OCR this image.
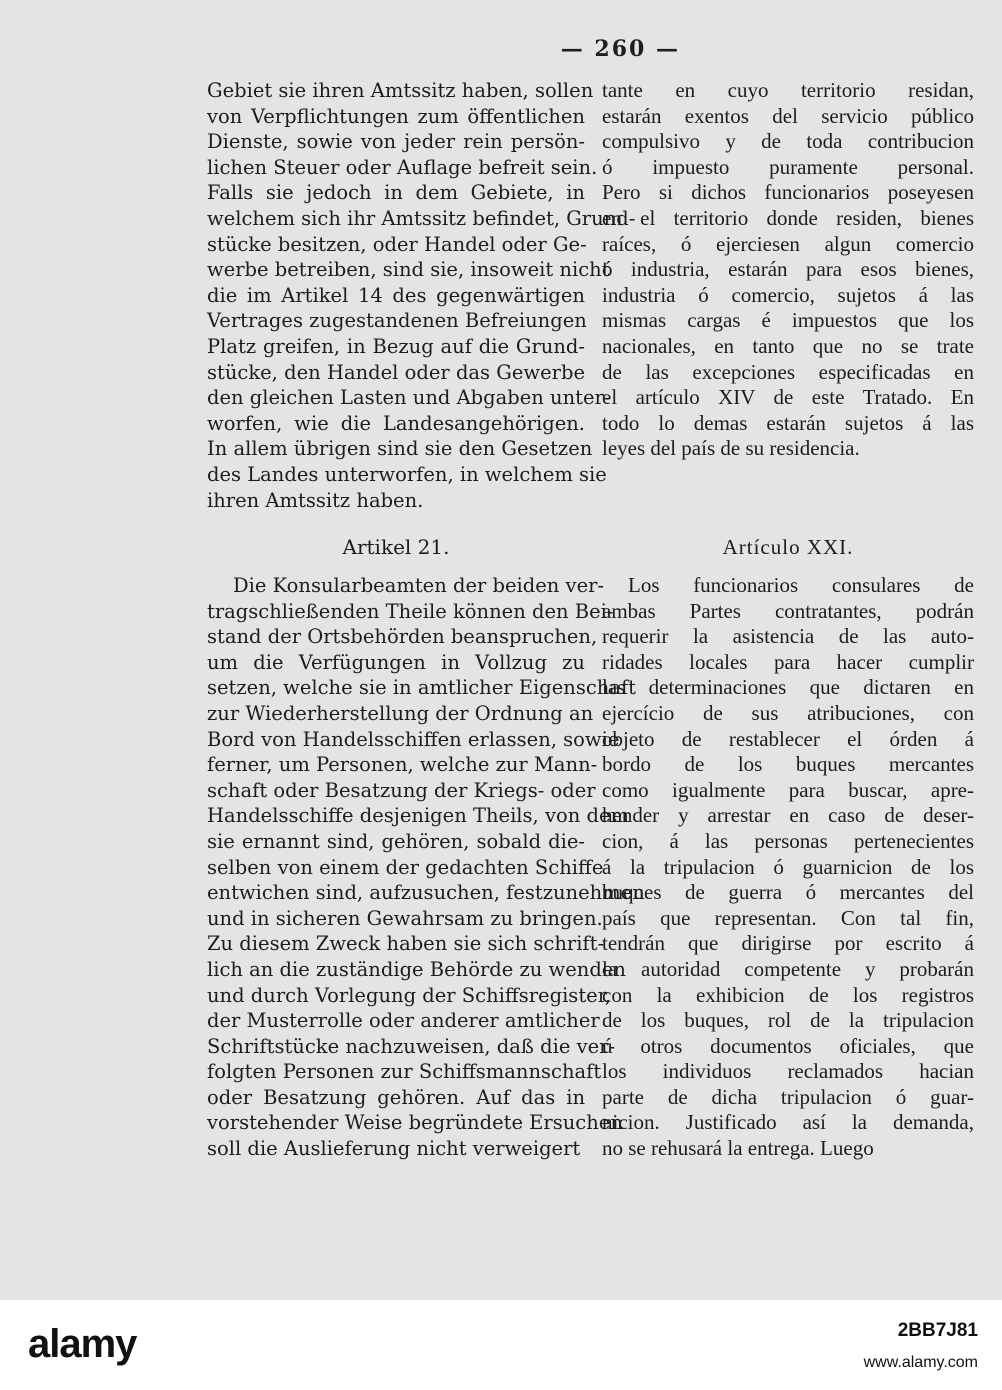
— 260 —
Gebiet sie ihren Amtssitz haben, sollen
von Verpflichtungen zum öffentlichen
Dienste, sowie von jeder rein persön-
lichen Steuer oder Auflage befreit sein.
Falls sie jedoch in dem Gebiete, in
welchem sich ihr Amtssitz befindet, Grund-
stücke besitzen, oder Handel oder Ge-
werbe betreiben, sind sie, insoweit nicht
die im Artikel 14 des gegenwärtigen
Vertrages zugestandenen Befreiungen
Platz greifen, in Bezug auf die Grund-
stücke, den Handel oder das Gewerbe
den gleichen Lasten und Abgaben unter-
worfen, wie die Landesangehörigen.
In allem übrigen sind sie den Gesetzen
des Landes unterworfen, in welchem sie
ihren Amtssitz haben.
tante en cuyo territorio residan,
estarán exentos del servicio público
compulsivo y de toda contribucion
ó impuesto puramente personal.
Pero si dichos funcionarios poseyesen
en el territorio donde residen, bienes
raíces, ó ejerciesen algun comercio
ó industria, estarán para esos bienes,
industria ó comercio, sujetos á las
mismas cargas é impuestos que los
nacionales, en tanto que no se trate
de las excepciones especificadas en
el artículo XIV de este Tratado. En
todo lo demas estarán sujetos á las
leyes del país de su residencia.
Artikel 21.	Artículo XXI.
Die Konsularbeamten der beiden ver-
tragschließenden Theile können den Bei-
stand der Ortsbehörden beanspruchen,
um die Verfügungen in Vollzug zu
setzen, welche sie in amtlicher Eigenschaft
zur Wiederherstellung der Ordnung an
Bord von Handelsschiffen erlassen, sowie
ferner, um Personen, welche zur Mann-
schaft oder Besatzung der Kriegs- oder
Handelsschiffe desjenigen Theils, von dem
sie ernannt sind, gehören, sobald die-
selben von einem der gedachten Schiffe
entwichen sind, aufzusuchen, festzunehmen
und in sicheren Gewahrsam zu bringen.
Zu diesem Zweck haben sie sich schrift-
lich an die zuständige Behörde zu wenden
und durch Vorlegung der Schiffsregister,
der Musterrolle oder anderer amtlicher
Schriftstücke nachzuweisen, daß die ver-
folgten Personen zur Schiffsmannschaft
oder Besatzung gehören. Auf das in
vorstehender Weise begründete Ersuchen
soll die Auslieferung nicht verweigert
Los funcionarios consulares de
ambas Partes contratantes, podrán
requerir la asistencia de las auto-
ridades locales para hacer cumplir
las determinaciones que dictaren en
ejercício de sus atribuciones, con
objeto de restablecer el órden á
bordo de los buques mercantes
como igualmente para buscar, apre-
hender y arrestar en caso de deser-
cion, á las personas pertenecientes
á la tripulacion ó guarnicion de los
buques de guerra ó mercantes del
país que representan. Con tal fin,
tendrán que dirigirse por escrito á
la autoridad competente y probarán
con la exhibicion de los registros
de los buques, rol de la tripulacion
ú otros documentos oficiales, que
los individuos reclamados hacian
parte de dicha tripulacion ó guar-
nicion. Justificado así la demanda,
no se rehusará la entrega. Luego
alamy	2BB7J81
www.alamy.com
